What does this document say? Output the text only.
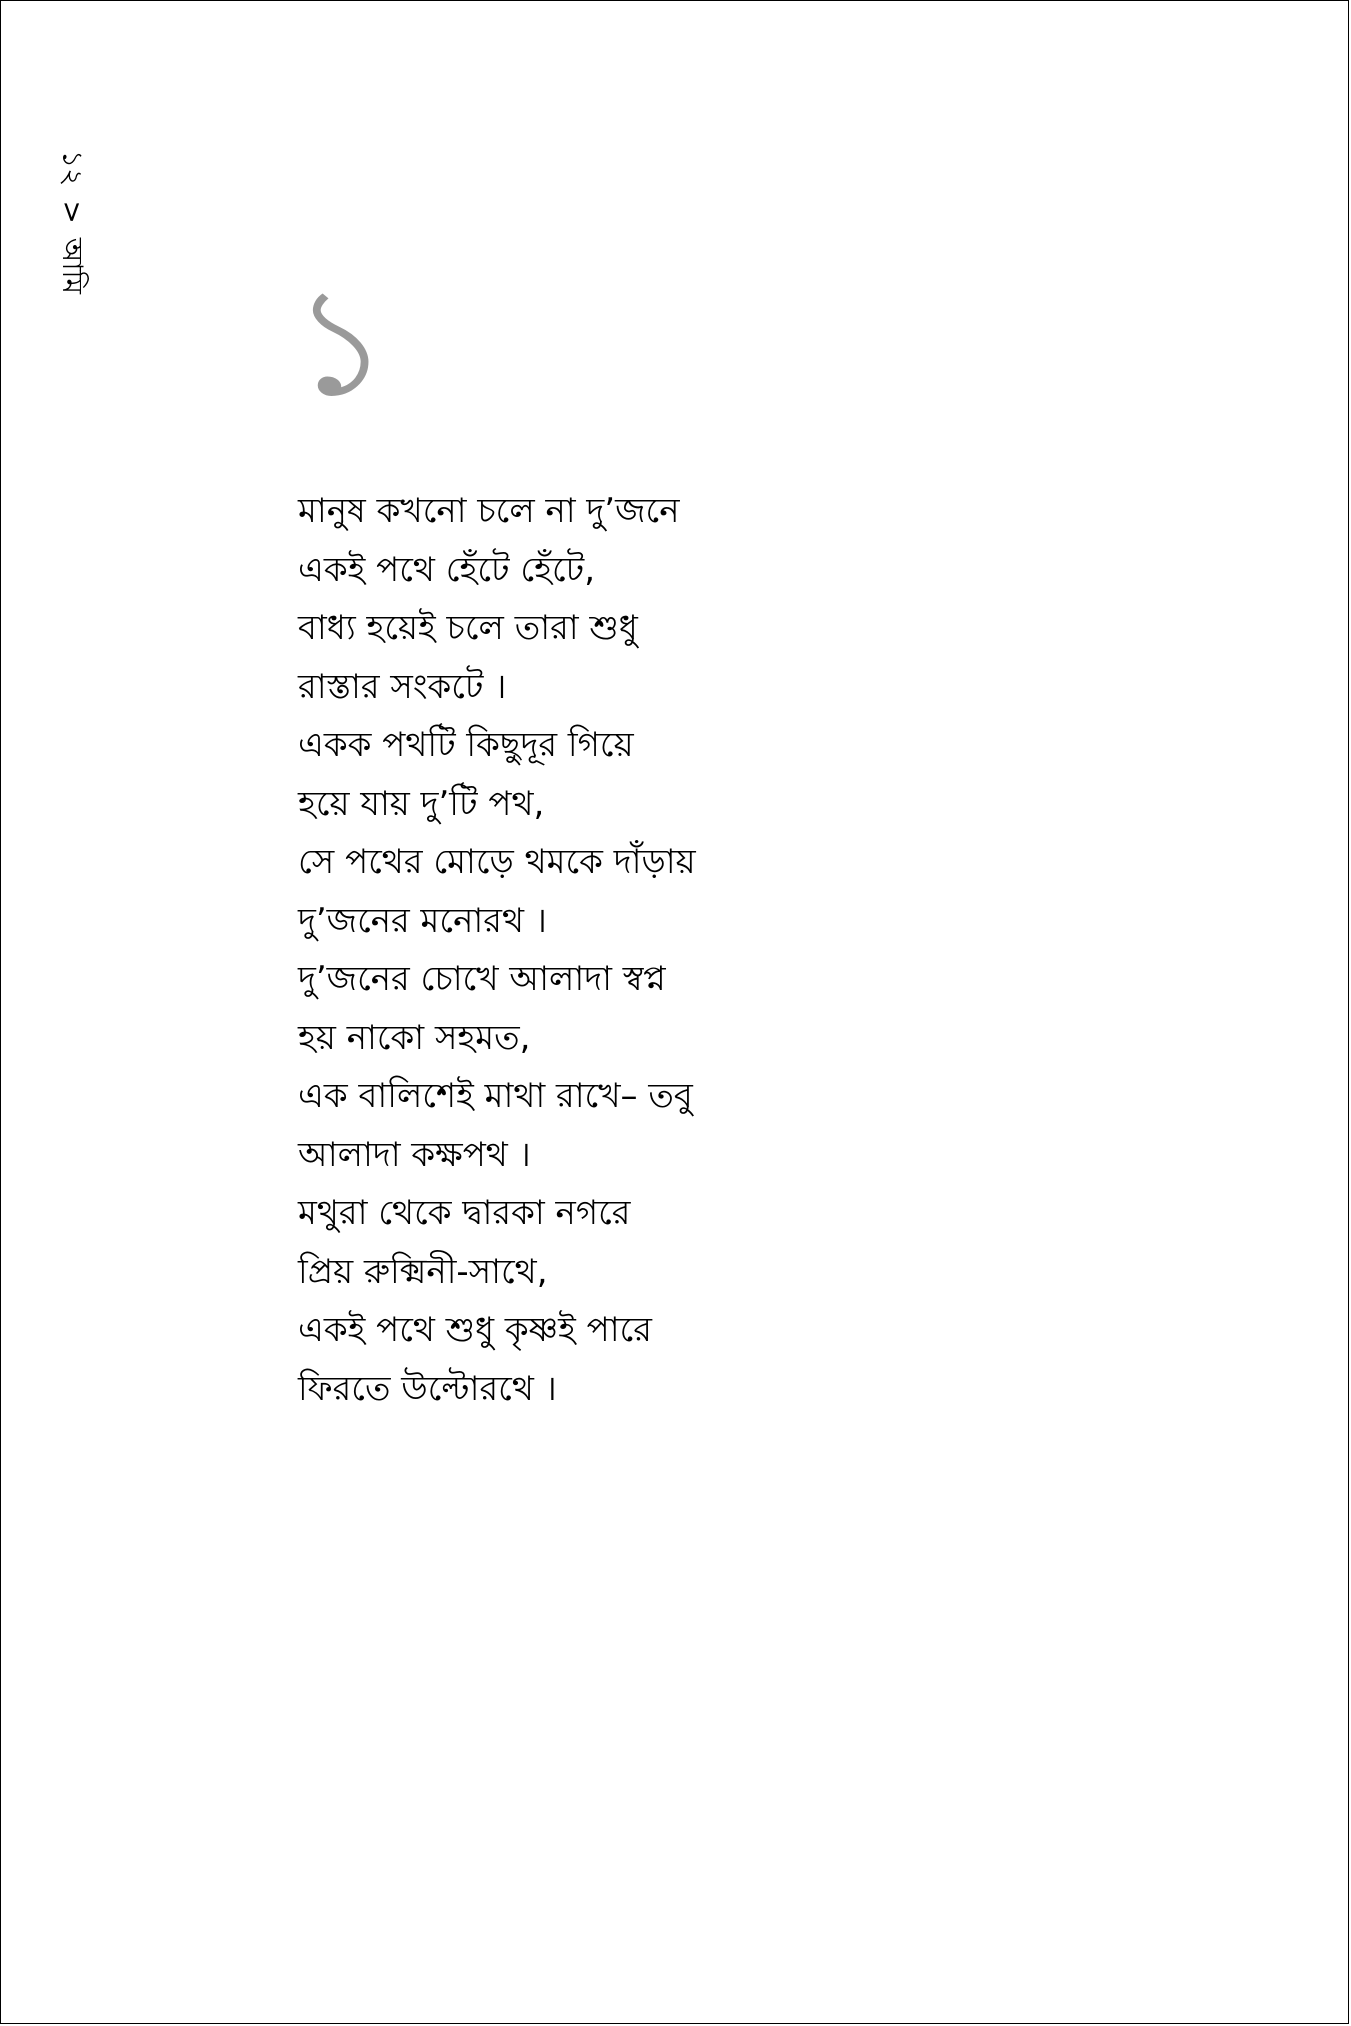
১২
>
আমি ১
মানুষ কখনো চলে না দু’জনে
একই পথে হেঁটে হেঁটে,
বাধ্য হয়েই চলে তারা শুধু
রাস্তার সংকটে ।
একক পথটি কিছুদূর গিয়ে
হয়ে যায় দু’টি পথ,
সে পথের মোড়ে থমকে দাঁড়ায়
দু’জনের মনোরথ ।
দু’জনের চোখে আলাদা স্বপ্ন
হয় নাকো সহমত,
এক বালিশেই মাথা রাখে– তবু
আলাদা কক্ষপথ ।
মথুরা থেকে দ্বারকা নগরে
প্রিয় রুক্মিনী-সাথে,
একই পথে শুধু কৃষ্ণই পারে
ফিরতে উল্টোরথে ।
